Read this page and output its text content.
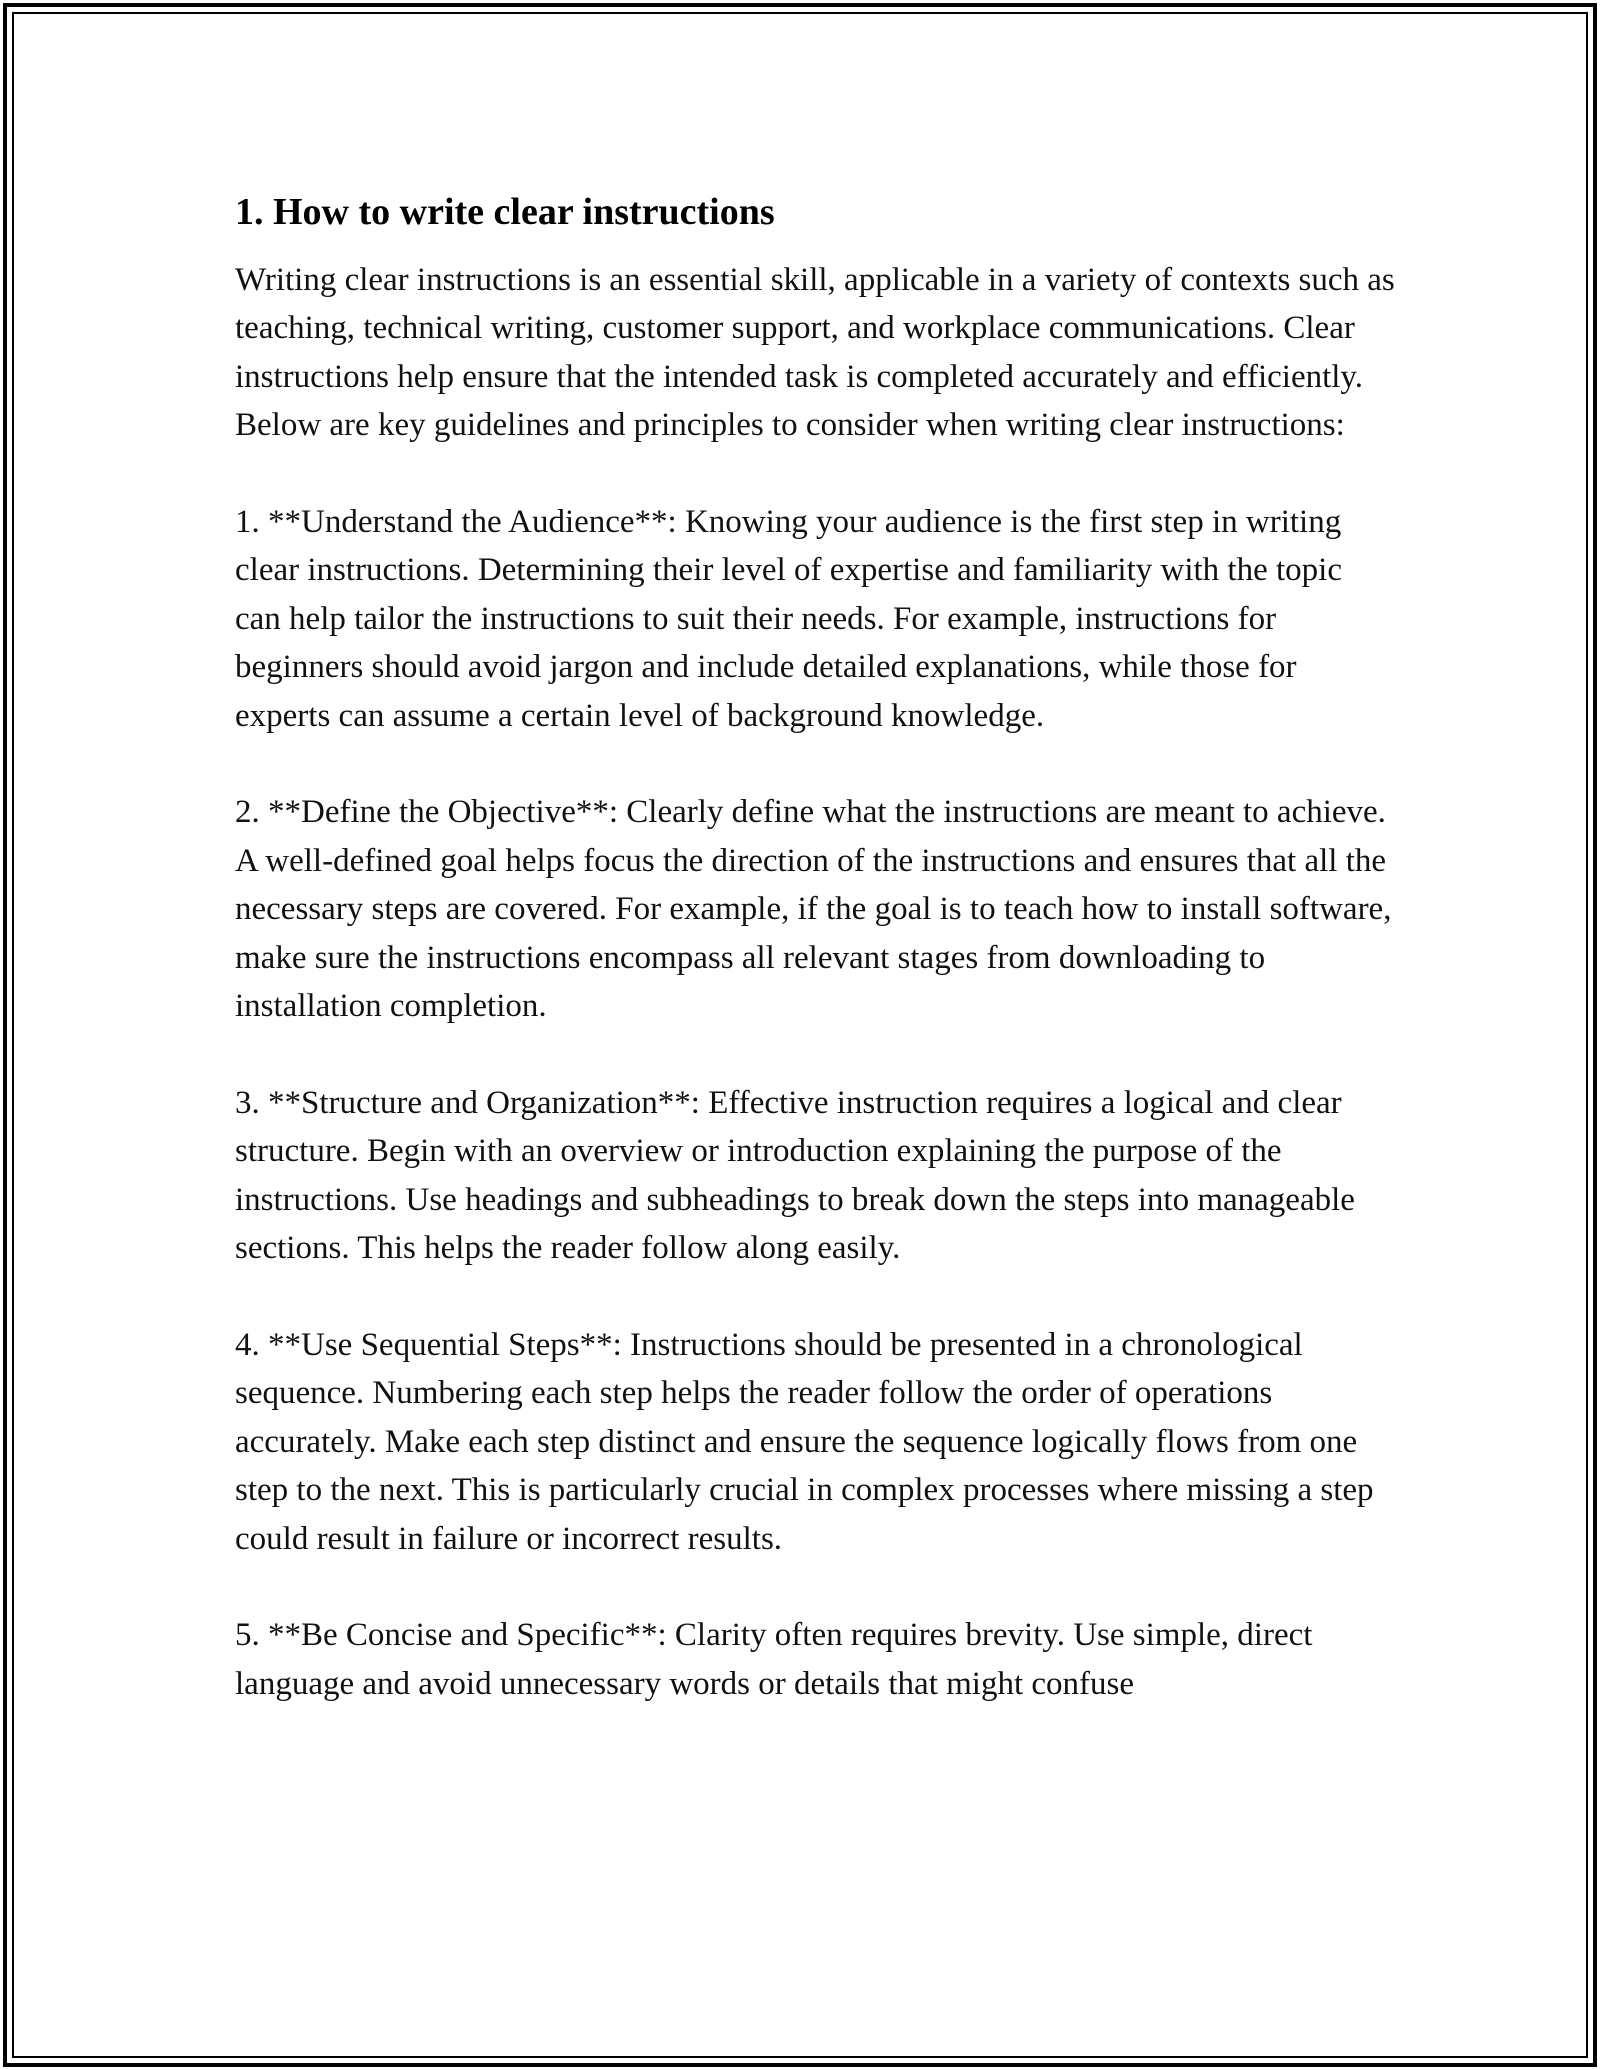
1. How to write clear instructions

Writing clear instructions is an essential skill, applicable in a variety of contexts such as teaching, technical writing, customer support, and workplace communications. Clear instructions help ensure that the intended task is completed accurately and efficiently. Below are key guidelines and principles to consider when writing clear instructions:

1. **Understand the Audience**: Knowing your audience is the first step in writing clear instructions. Determining their level of expertise and familiarity with the topic can help tailor the instructions to suit their needs. For example, instructions for beginners should avoid jargon and include detailed explanations, while those for experts can assume a certain level of background knowledge.

2. **Define the Objective**: Clearly define what the instructions are meant to achieve. A well-defined goal helps focus the direction of the instructions and ensures that all the necessary steps are covered. For example, if the goal is to teach how to install software, make sure the instructions encompass all relevant stages from downloading to installation completion.

3. **Structure and Organization**: Effective instruction requires a logical and clear structure. Begin with an overview or introduction explaining the purpose of the instructions. Use headings and subheadings to break down the steps into manageable sections. This helps the reader follow along easily.

4. **Use Sequential Steps**: Instructions should be presented in a chronological sequence. Numbering each step helps the reader follow the order of operations accurately. Make each step distinct and ensure the sequence logically flows from one step to the next. This is particularly crucial in complex processes where missing a step could result in failure or incorrect results.

5. **Be Concise and Specific**: Clarity often requires brevity. Use simple, direct language and avoid unnecessary words or details that might confuse
